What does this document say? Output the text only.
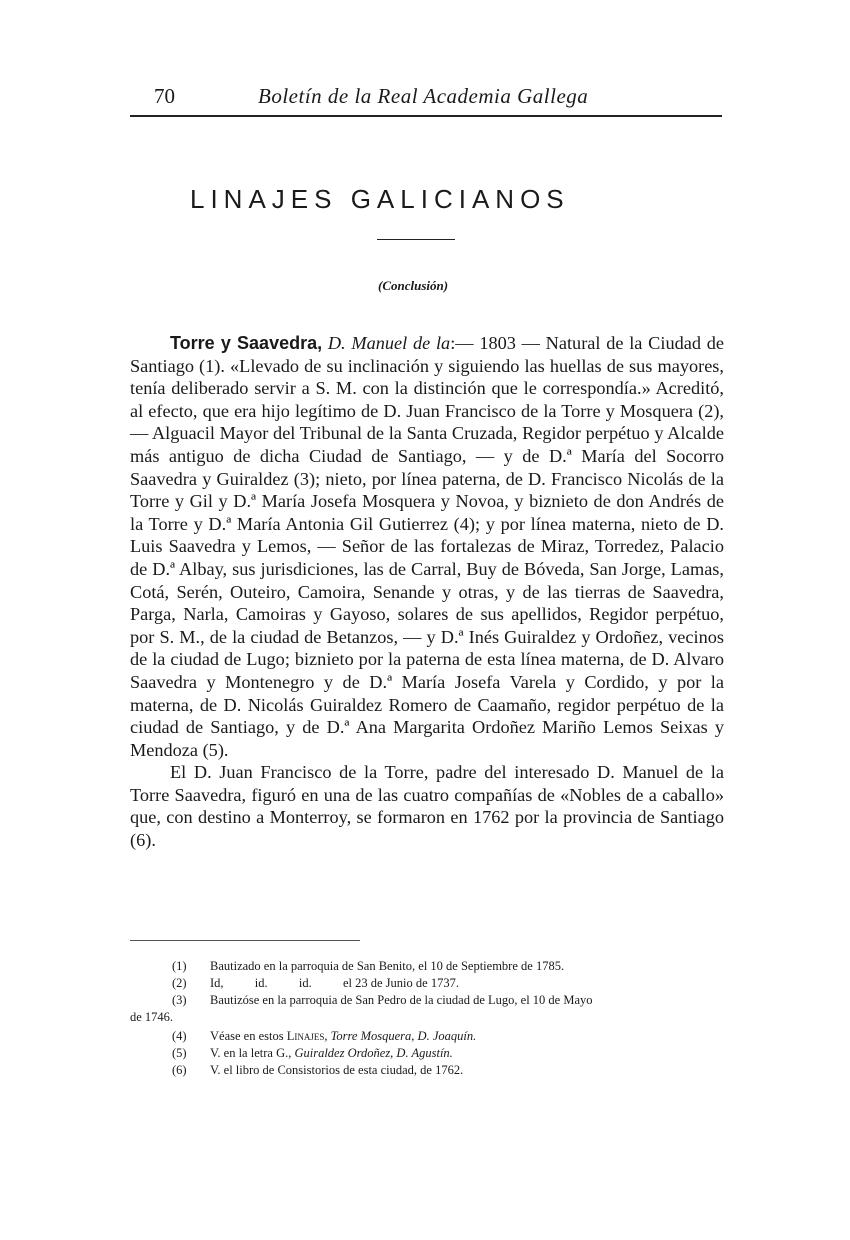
70	Boletín de la Real Academia Gallega
LINAJES GALICIANOS
(Conclusión)

Torre y Saavedra, D. Manuel de la:— 1803 — Natural de la Ciudad de Santiago (1). «Llevado de su inclinación y siguiendo las huellas de sus mayores, tenía deliberado servir a S. M. con la distinción que le correspondía.» Acreditó, al efecto, que era hijo legítimo de D. Juan Francisco de la Torre y Mosquera (2), — Alguacil Mayor del Tribunal de la Santa Cruzada, Regidor perpétuo y Alcalde más antiguo de dicha Ciudad de Santiago, — y de D.ª María del Socorro Saavedra y Guiraldez (3); nieto, por línea paterna, de D. Francisco Nicolás de la Torre y Gil y D.ª María Josefa Mosquera y Novoa, y biznieto de don Andrés de la Torre y D.ª María Antonia Gil Gutierrez (4); y por línea materna, nieto de D. Luis Saavedra y Lemos, — Señor de las fortalezas de Miraz, Torredez, Palacio de D.ª Albay, sus jurisdiciones, las de Carral, Buy de Bóveda, San Jorge, Lamas, Cotá, Serén, Outeiro, Camoira, Senande y otras, y de las tierras de Saavedra, Parga, Narla, Camoiras y Gayoso, solares de sus apellidos, Regidor perpétuo, por S. M., de la ciudad de Betanzos, — y D.ª Inés Guiraldez y Ordoñez, vecinos de la ciudad de Lugo; biznieto por la paterna de esta línea materna, de D. Alvaro Saavedra y Montenegro y de D.ª María Josefa Varela y Cordido, y por la materna, de D. Nicolás Guiraldez Romero de Caamaño, regidor perpétuo de la ciudad de Santiago, y de D.ª Ana Margarita Ordoñez Mariño Lemos Seixas y Mendoza (5).

El D. Juan Francisco de la Torre, padre del interesado D. Manuel de la Torre Saavedra, figuró en una de las cuatro compañías de «Nobles de a caballo» que, con destino a Monterroy, se formaron en 1762 por la provincia de Santiago (6).

(1)	Bautizado en la parroquia de San Benito, el 10 de Septiembre de 1785.
(2)	Id,          id.          id.          el 23 de Junio de 1737.
(3)	Bautizóse en la parroquia de San Pedro de la ciudad de Lugo, el 10 de Mayo
de 1746.
(4)	Véase en estos Linajes, Torre Mosquera, D. Joaquín.
(5)	V. en la letra G., Guiraldez Ordoñez, D. Agustín.
(6)	V. el libro de Consistorios de esta ciudad, de 1762.
